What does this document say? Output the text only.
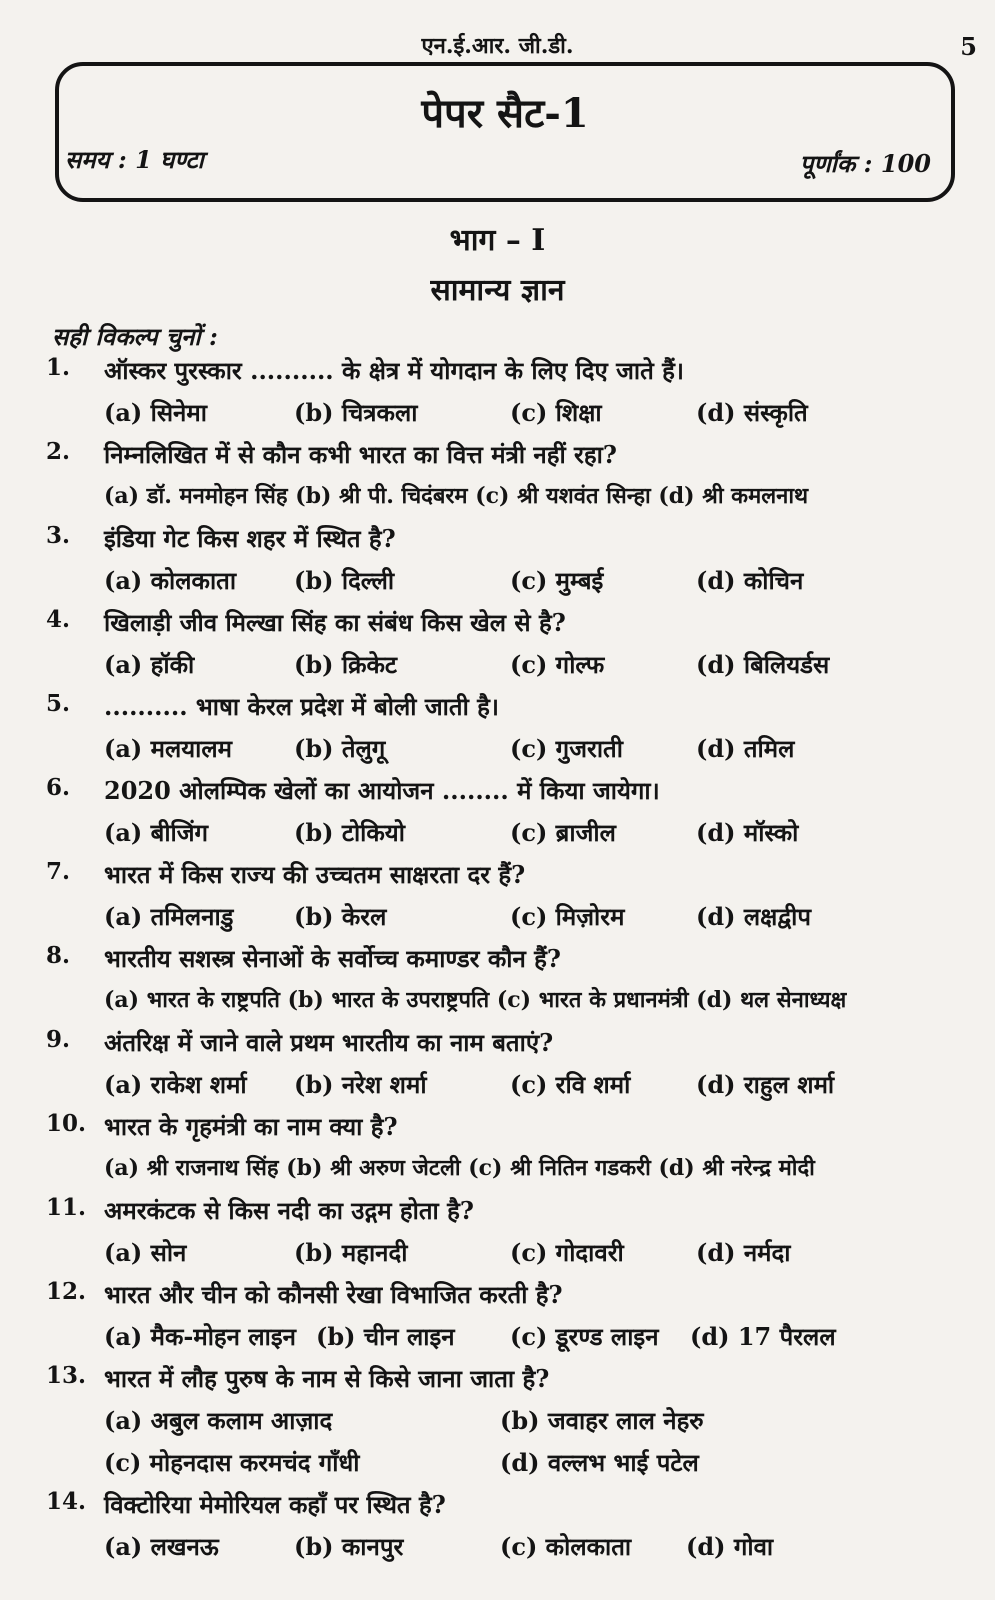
एन.ई.आर. जी.डी.	5
पेपर सैट-1
समय : 1 घण्टा	पूर्णांक : 100
भाग – I
सामान्य ज्ञान
सही विकल्प चुनों :
1. ऑस्कर पुरस्कार .......... के क्षेत्र में योगदान के लिए दिए जाते हैं।
(a) सिनेमा	(b) चित्रकला	(c) शिक्षा	(d) संस्कृति
2. निम्नलिखित में से कौन कभी भारत का वित्त मंत्री नहीं रहा?
(a) डॉ. मनमोहन सिंह (b) श्री पी. चिदंबरम (c) श्री यशवंत सिन्हा (d) श्री कमलनाथ
3. इंडिया गेट किस शहर में स्थित है?
(a) कोलकाता (b) दिल्ली	(c) मुम्बई	(d) कोचिन
4. खिलाड़ी जीव मिल्खा सिंह का संबंध किस खेल से है?
(a) हॉकी	(b) क्रिकेट	(c) गोल्फ	(d) बिलियर्डस
5. .......... भाषा केरल प्रदेश में बोली जाती है।
(a) मलयालम	(b) तेलुगू	(c) गुजराती	(d) तमिल
6. 2020 ओलम्पिक खेलों का आयोजन ........ में किया जायेगा।
(a) बीजिंग	(b) टोकियो	(c) ब्राजील	(d) मॉस्को
7. भारत में किस राज्य की उच्चतम साक्षरता दर हैं?
(a) तमिलनाडु	(b) केरल	(c) मिज़ोरम	(d) लक्षद्वीप
8. भारतीय सशस्त्र सेनाओं के सर्वोच्च कमाण्डर कौन हैं?
(a) भारत के राष्ट्रपति (b) भारत के उपराष्ट्रपति (c) भारत के प्रधानमंत्री (d) थल सेनाध्यक्ष
9. अंतरिक्ष में जाने वाले प्रथम भारतीय का नाम बताएं?
(a) राकेश शर्मा (b) नरेश शर्मा	(c) रवि शर्मा	(d) राहुल शर्मा
10. भारत के गृहमंत्री का नाम क्या है?
(a) श्री राजनाथ सिंह (b) श्री अरुण जेटली (c) श्री नितिन गडकरी (d) श्री नरेन्द्र मोदी
11. अमरकंटक से किस नदी का उद्गम होता है?
(a) सोन	(b) महानदी	(c) गोदावरी	(d) नर्मदा
12. भारत और चीन को कौनसी रेखा विभाजित करती है?
(a) मैक-मोहन लाइन (b) चीन लाइन (c) डूरण्ड लाइन (d) 17 पैरलल
13. भारत में लौह पुरुष के नाम से किसे जाना जाता है?
(a) अबुल कलाम आज़ाद	(b) जवाहर लाल नेहरु
(c) मोहनदास करमचंद गाँधी	(d) वल्लभ भाई पटेल
14. विक्टोरिया मेमोरियल कहाँ पर स्थित है?
(a) लखनऊ	(b) कानपुर	(c) कोलकाता (d) गोवा
